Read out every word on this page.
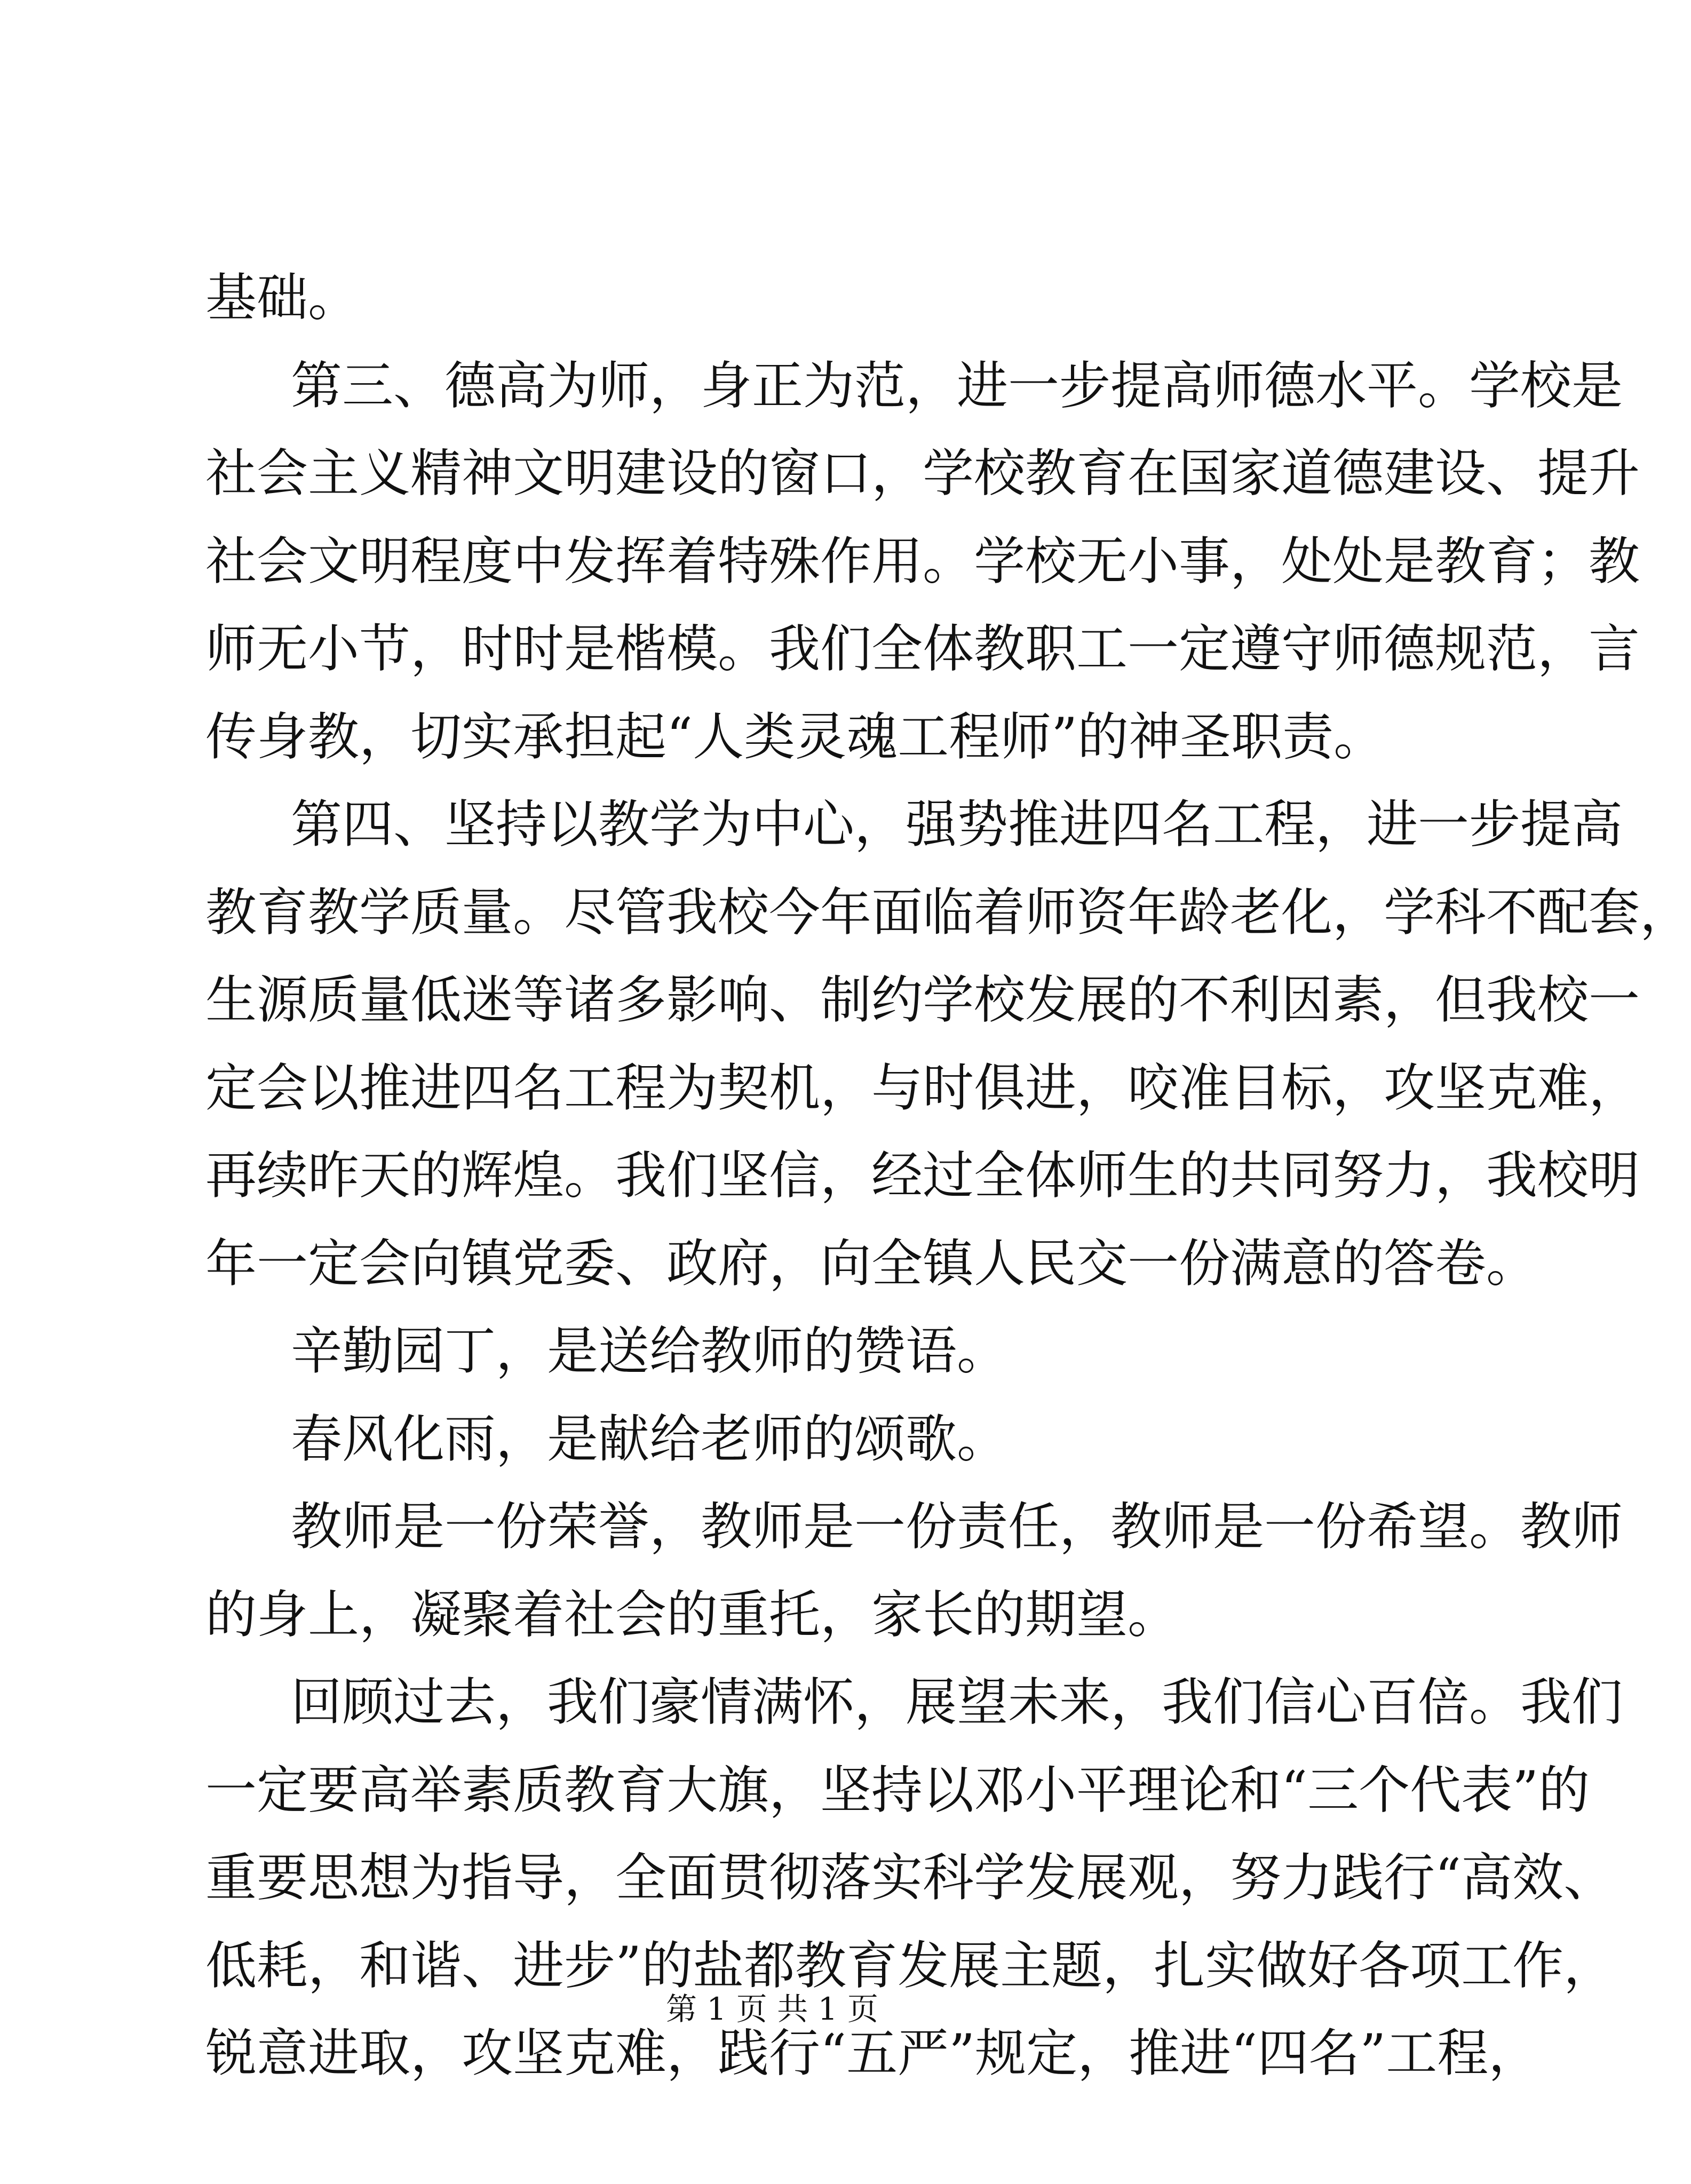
基础。
第三、德高为师，身正为范，进一步提高师德水平。学校是
社会主义精神文明建设的窗口，学校教育在国家道德建设、提升
社会文明程度中发挥着特殊作用。学校无小事，处处是教育；教
师无小节，时时是楷模。我们全体教职工一定遵守师德规范，言
传身教，切实承担起“人类灵魂工程师”的神圣职责。
第四、坚持以教学为中心，强势推进四名工程，进一步提高
教育教学质量。尽管我校今年面临着师资年龄老化，学科不配套，
生源质量低迷等诸多影响、制约学校发展的不利因素，但我校一
定会以推进四名工程为契机，与时俱进，咬准目标，攻坚克难，
再续昨天的辉煌。我们坚信，经过全体师生的共同努力，我校明
年一定会向镇党委、政府，向全镇人民交一份满意的答卷。
辛勤园丁，是送给教师的赞语。
春风化雨，是献给老师的颂歌。
教师是一份荣誉，教师是一份责任，教师是一份希望。教师
的身上，凝聚着社会的重托，家长的期望。
回顾过去，我们豪情满怀，展望未来，我们信心百倍。我们
一定要高举素质教育大旗，坚持以邓小平理论和“三个代表”的
重要思想为指导，全面贯彻落实科学发展观，努力践行“高效、
低耗，和谐、进步”的盐都教育发展主题，扎实做好各项工作，
锐意进取，攻坚克难，践行“五严”规定，推进“四名”工程，
第 1 页 共 1 页
